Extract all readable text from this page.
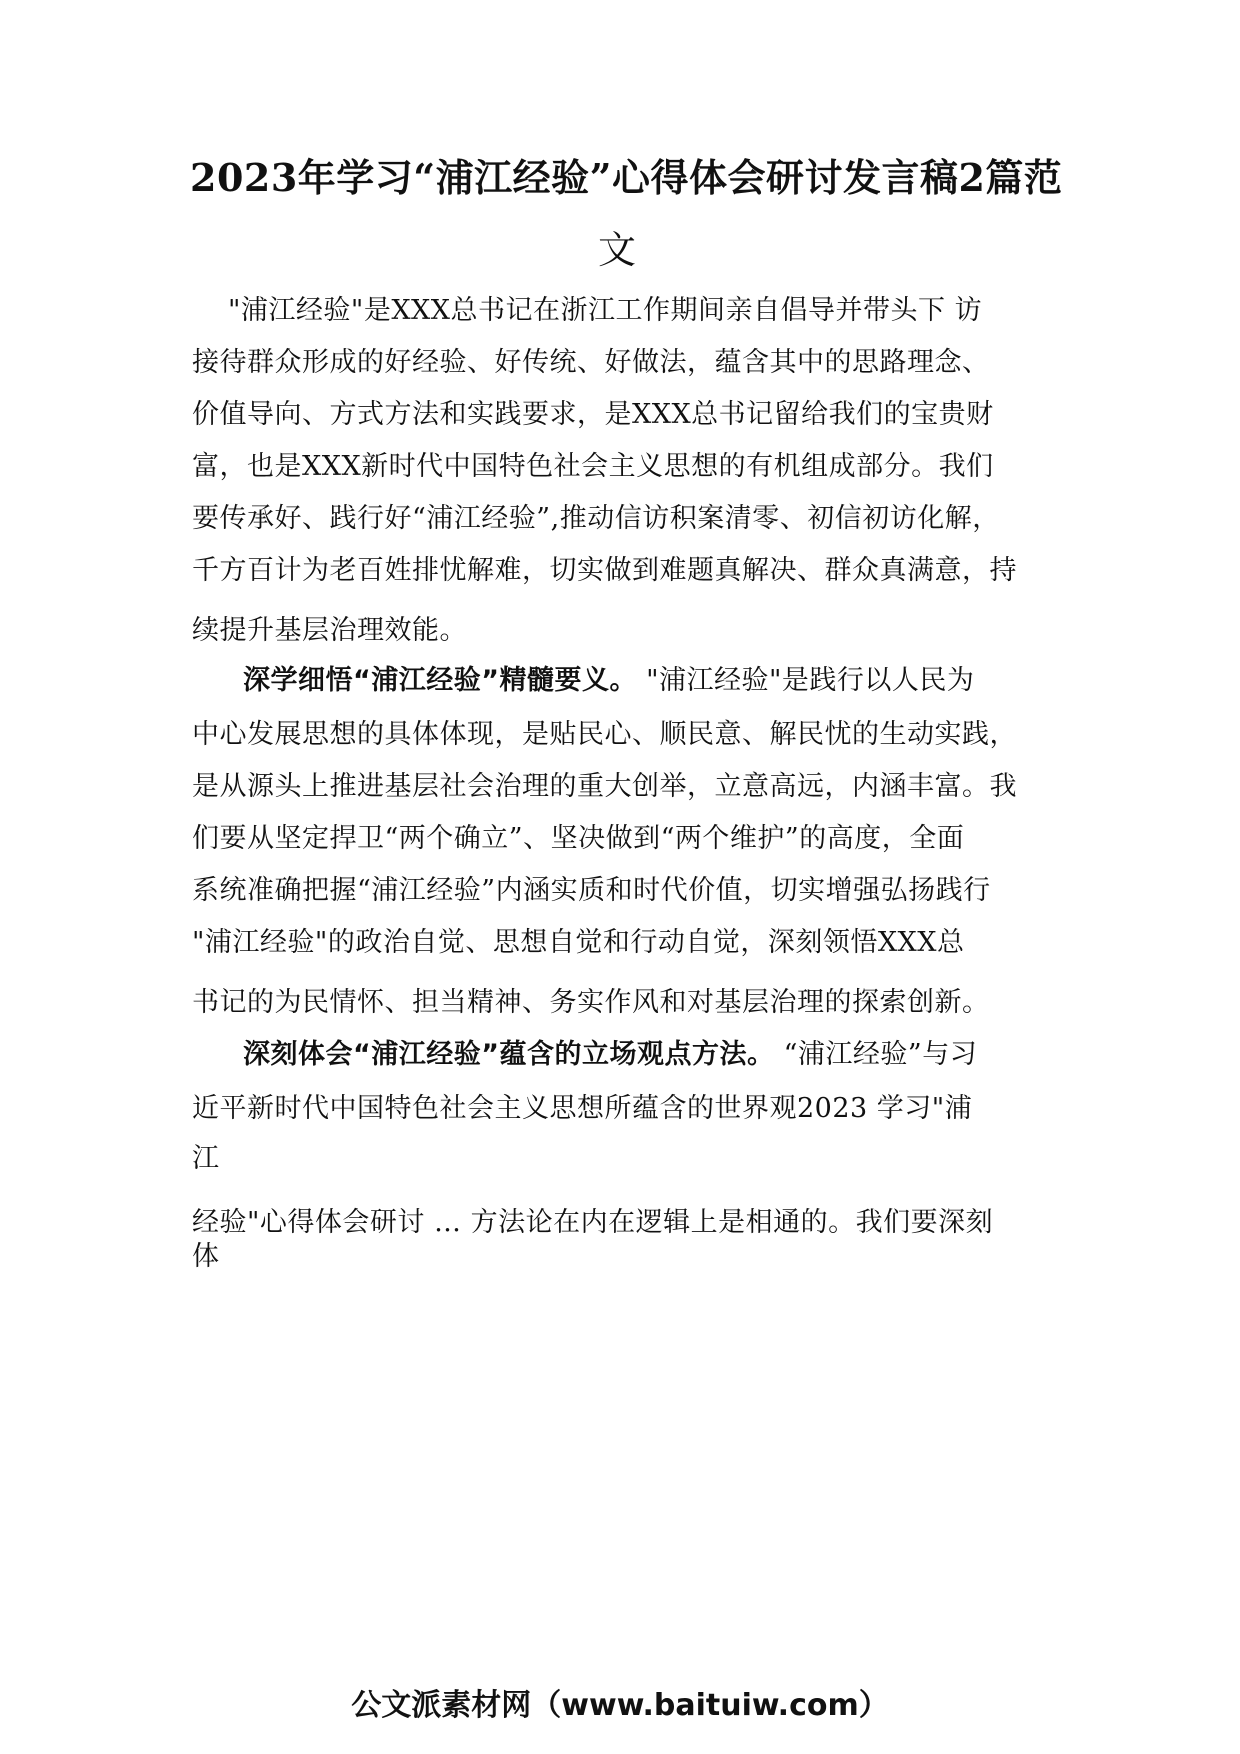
2023年学习“浦江经验”心得体会研讨发言稿2篇范
文
"浦江经验"是XXX总书记在浙江工作期间亲自倡导并带头下 访
接待群众形成的好经验、好传统、好做法，蕴含其中的思路理念、
价值导向、方式方法和实践要求，是XXX总书记留给我们的宝贵财
富，也是XXX新时代中国特色社会主义思想的有机组成部分。我们
要传承好、践行好“浦江经验”,推动信访积案清零、初信初访化解，
千方百计为老百姓排忧解难，切实做到难题真解决、群众真满意，持
续提升基层治理效能。
深学细悟“浦江经验”精髓要义。 "浦江经验"是践行以人民为
中心发展思想的具体体现，是贴民心、顺民意、解民忧的生动实践，
是从源头上推进基层社会治理的重大创举，立意高远，内涵丰富。我
们要从坚定捍卫“两个确立”、坚决做到“两个维护”的高度，全面
系统准确把握“浦江经验”内涵实质和时代价值，切实增强弘扬践行
"浦江经验"的政治自觉、思想自觉和行动自觉，深刻领悟XXX总
书记的为民情怀、担当精神、务实作风和对基层治理的探索创新。
深刻体会“浦江经验”蕴含的立场观点方法。 “浦江经验”与习
近平新时代中国特色社会主义思想所蕴含的世界观2023 学习"浦
江
经验"心得体会研讨 … 方法论在内在逻辑上是相通的。我们要深刻
体
公文派素材网（www.baituiw.com）
